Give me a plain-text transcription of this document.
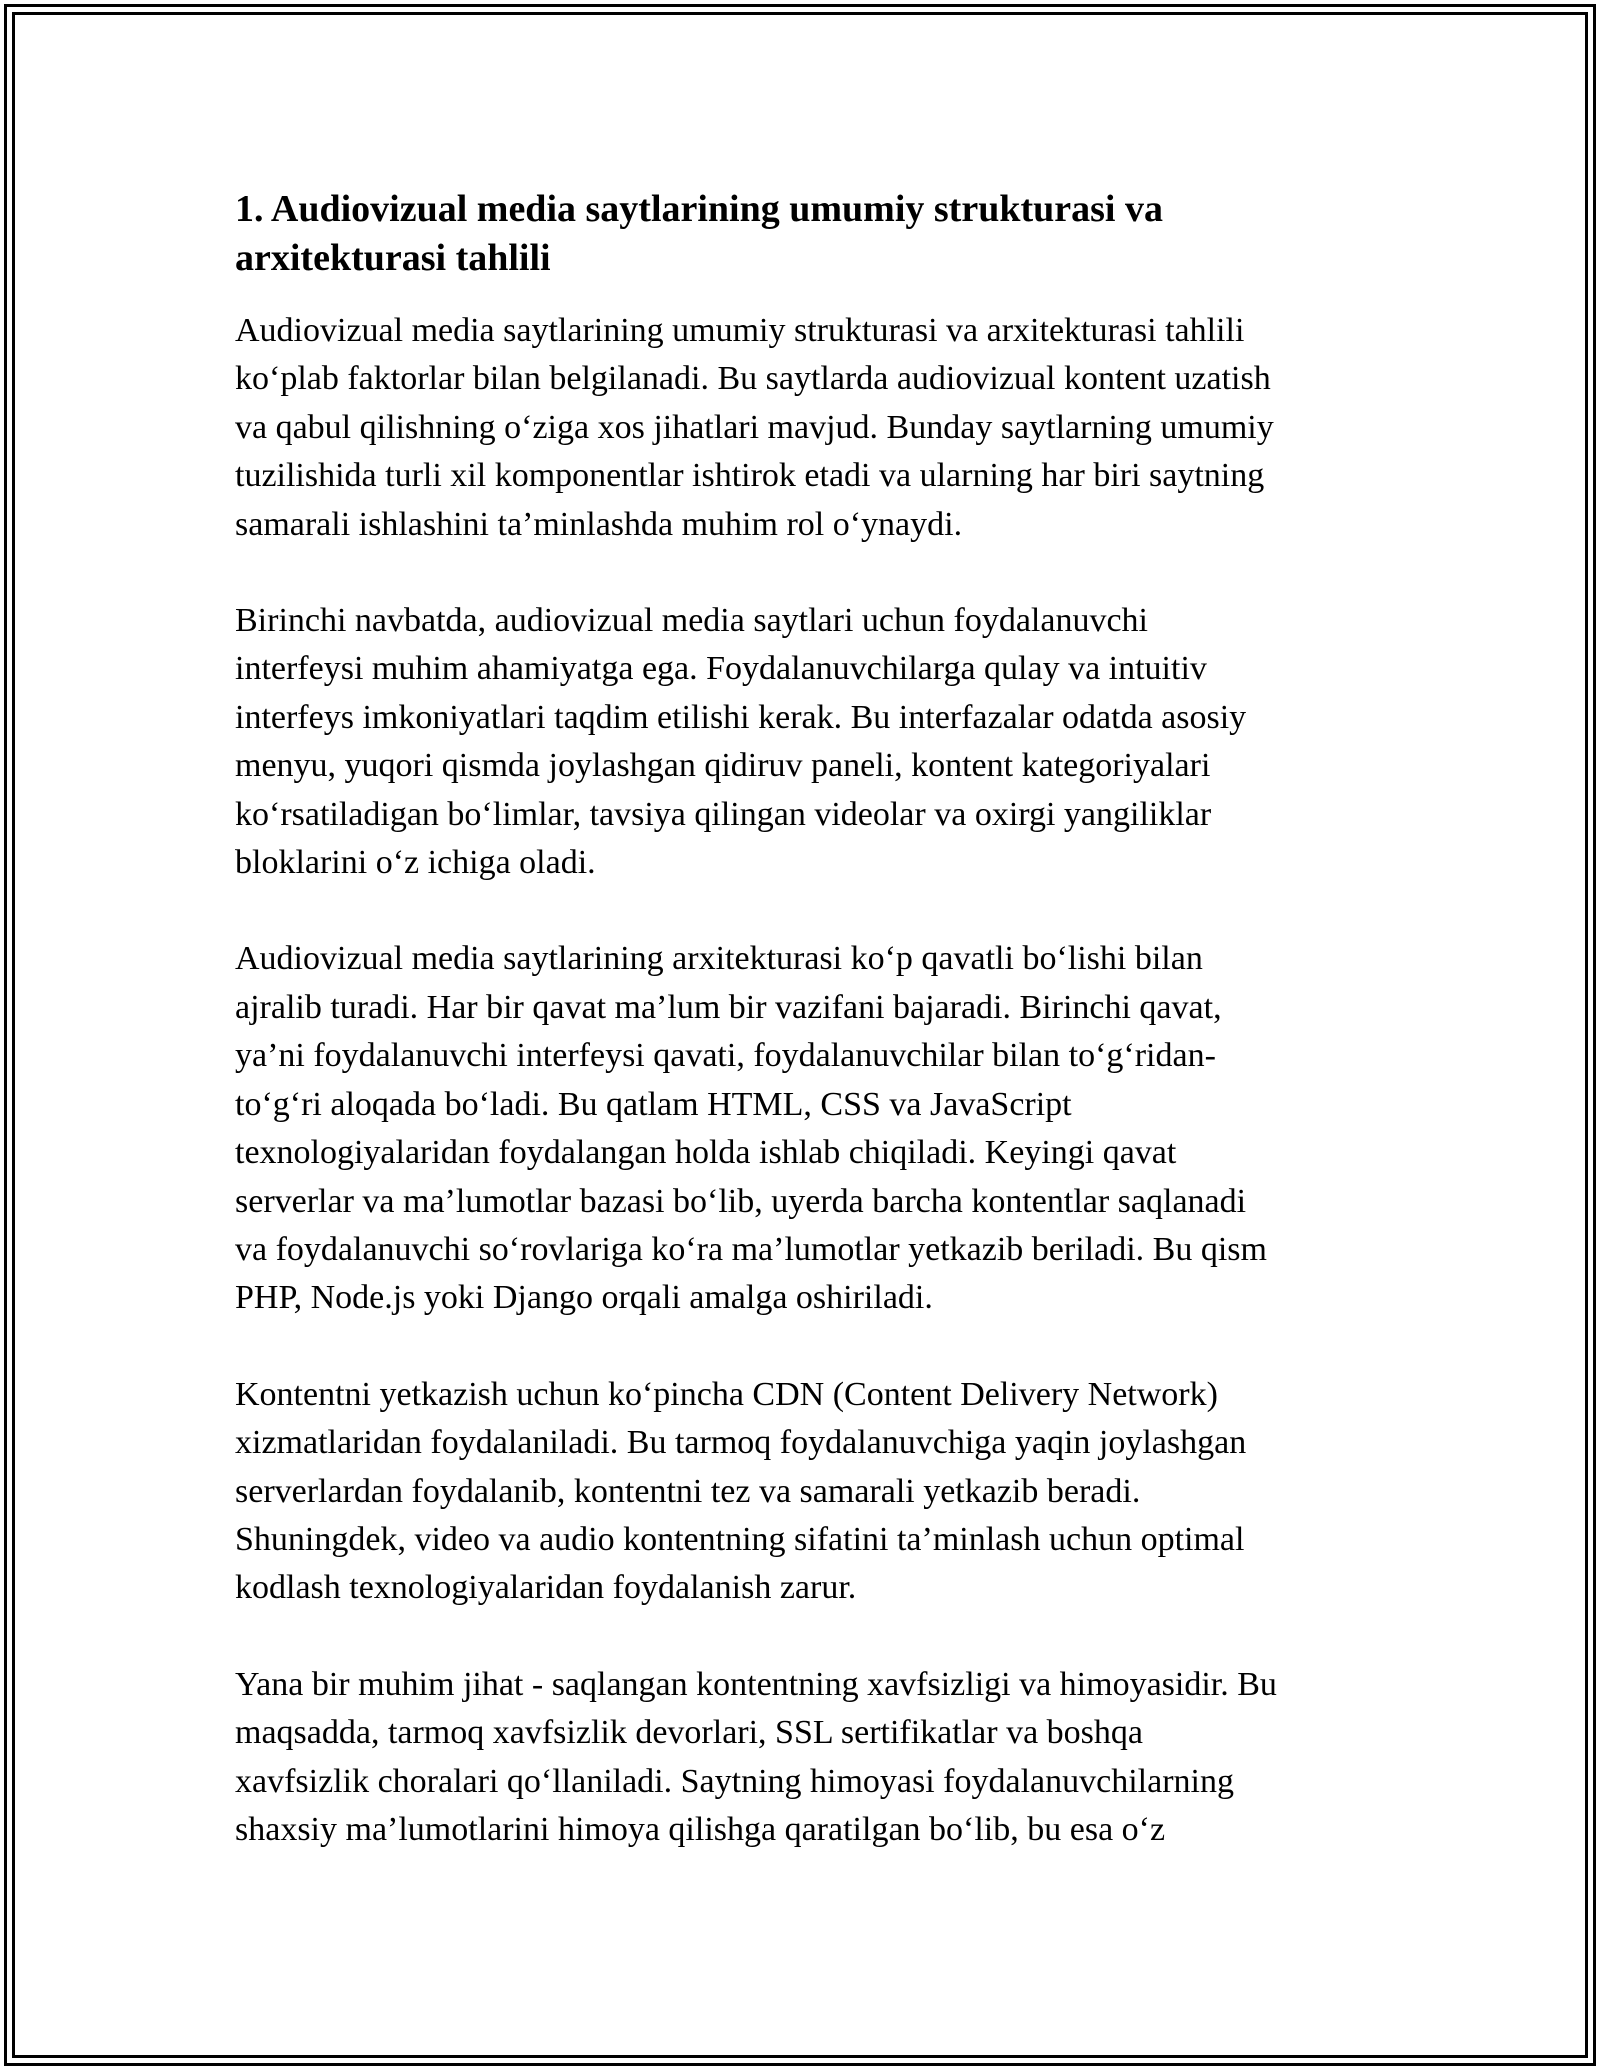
1. Audiovizual media saytlarining umumiy strukturasi va
arxitekturasi tahlili

Audiovizual media saytlarining umumiy strukturasi va arxitekturasi tahlili
ko‘plab faktorlar bilan belgilanadi. Bu saytlarda audiovizual kontent uzatish
va qabul qilishning o‘ziga xos jihatlari mavjud. Bunday saytlarning umumiy
tuzilishida turli xil komponentlar ishtirok etadi va ularning har biri saytning
samarali ishlashini ta’minlashda muhim rol o‘ynaydi.

Birinchi navbatda, audiovizual media saytlari uchun foydalanuvchi
interfeysi muhim ahamiyatga ega. Foydalanuvchilarga qulay va intuitiv
interfeys imkoniyatlari taqdim etilishi kerak. Bu interfazalar odatda asosiy
menyu, yuqori qismda joylashgan qidiruv paneli, kontent kategoriyalari
ko‘rsatiladigan bo‘limlar, tavsiya qilingan videolar va oxirgi yangiliklar
bloklarini o‘z ichiga oladi.

Audiovizual media saytlarining arxitekturasi ko‘p qavatli bo‘lishi bilan
ajralib turadi. Har bir qavat ma’lum bir vazifani bajaradi. Birinchi qavat,
ya’ni foydalanuvchi interfeysi qavati, foydalanuvchilar bilan to‘g‘ridan-
to‘g‘ri aloqada bo‘ladi. Bu qatlam HTML, CSS va JavaScript
texnologiyalaridan foydalangan holda ishlab chiqiladi. Keyingi qavat
serverlar va ma’lumotlar bazasi bo‘lib, uyerda barcha kontentlar saqlanadi
va foydalanuvchi so‘rovlariga ko‘ra ma’lumotlar yetkazib beriladi. Bu qism
PHP, Node.js yoki Django orqali amalga oshiriladi.

Kontentni yetkazish uchun ko‘pincha CDN (Content Delivery Network)
xizmatlaridan foydalaniladi. Bu tarmoq foydalanuvchiga yaqin joylashgan
serverlardan foydalanib, kontentni tez va samarali yetkazib beradi.
Shuningdek, video va audio kontentning sifatini ta’minlash uchun optimal
kodlash texnologiyalaridan foydalanish zarur.

Yana bir muhim jihat - saqlangan kontentning xavfsizligi va himoyasidir. Bu
maqsadda, tarmoq xavfsizlik devorlari, SSL sertifikatlar va boshqa
xavfsizlik choralari qo‘llaniladi. Saytning himoyasi foydalanuvchilarning
shaxsiy ma’lumotlarini himoya qilishga qaratilgan bo‘lib, bu esa o‘z
